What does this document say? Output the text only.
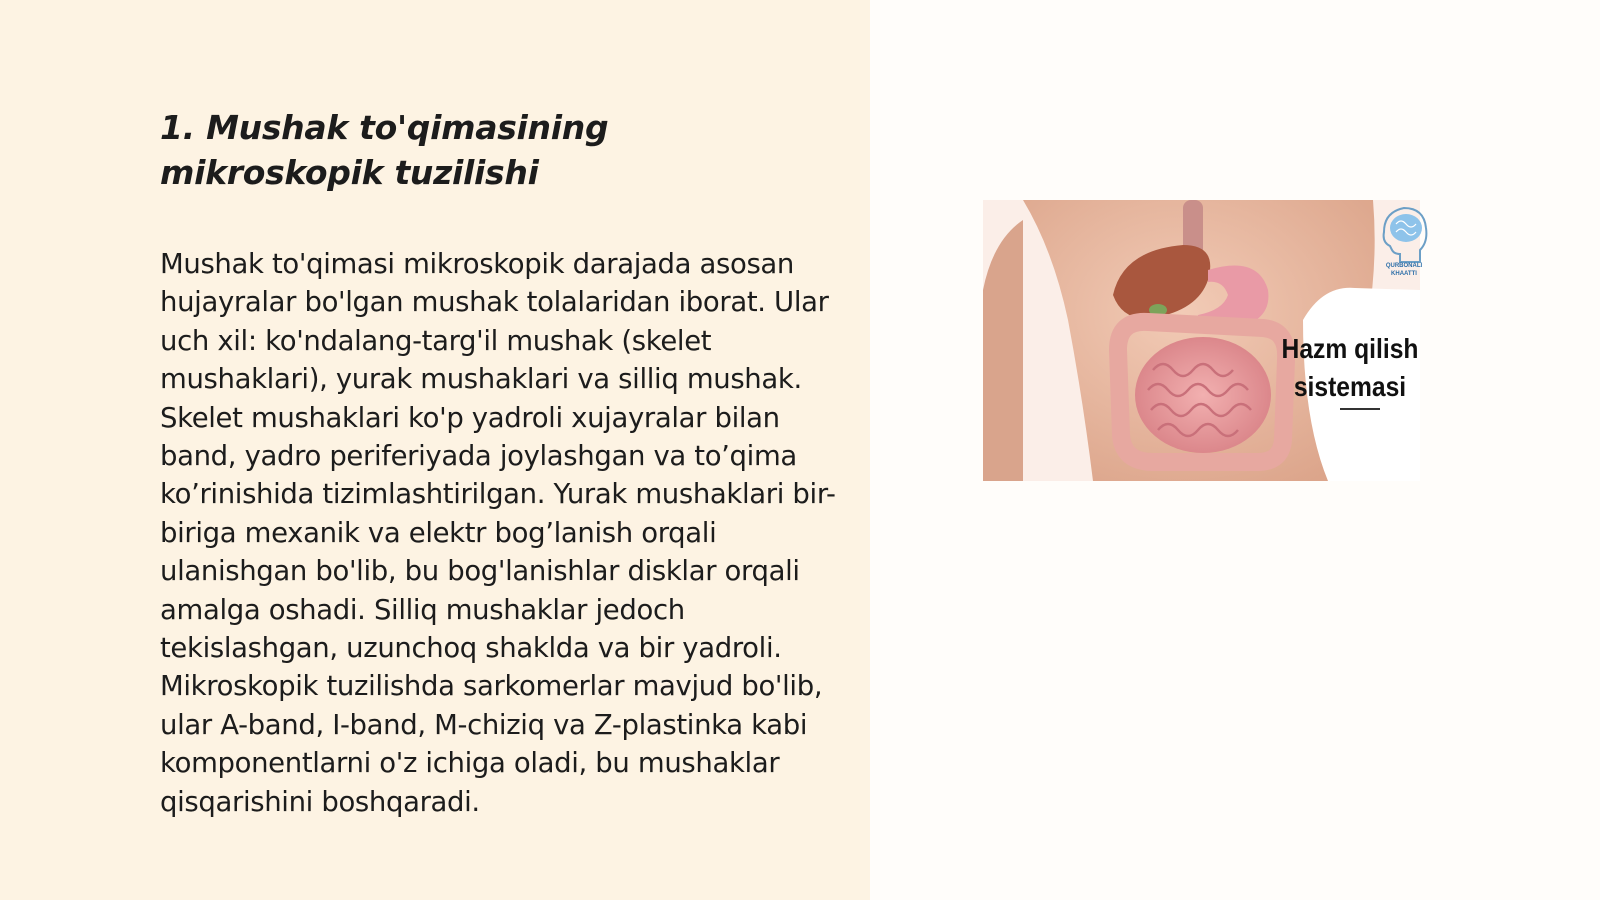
1. Mushak to'qimasining mikroskopik tuzilishi

Mushak to'qimasi mikroskopik darajada asosan hujayralar bo'lgan mushak tolalaridan iborat. Ular uch xil: ko'ndalang-targ'il mushak (skelet mushaklari), yurak mushaklari va silliq mushak. Skelet mushaklari ko'p yadroli xujayralar bilan band, yadro periferiyada joylashgan va to’qima ko’rinishida tizimlashtirilgan. Yurak mushaklari bir-biriga mexanik va elektr bog’lanish orqali ulanishgan bo'lib, bu bog'lanishlar disklar orqali amalga oshadi. Silliq mushaklar jedoch tekislashgan, uzunchoq shaklda va bir yadroli. Mikroskopik tuzilishda sarkomerlar mavjud bo'lib, ular A-band, I-band, M-chiziq va Z-plastinka kabi komponentlarni o'z ichiga oladi, bu mushaklar qisqarishini boshqaradi.

QURBONALI KHAATTI
Hazm qilish sistemasi
